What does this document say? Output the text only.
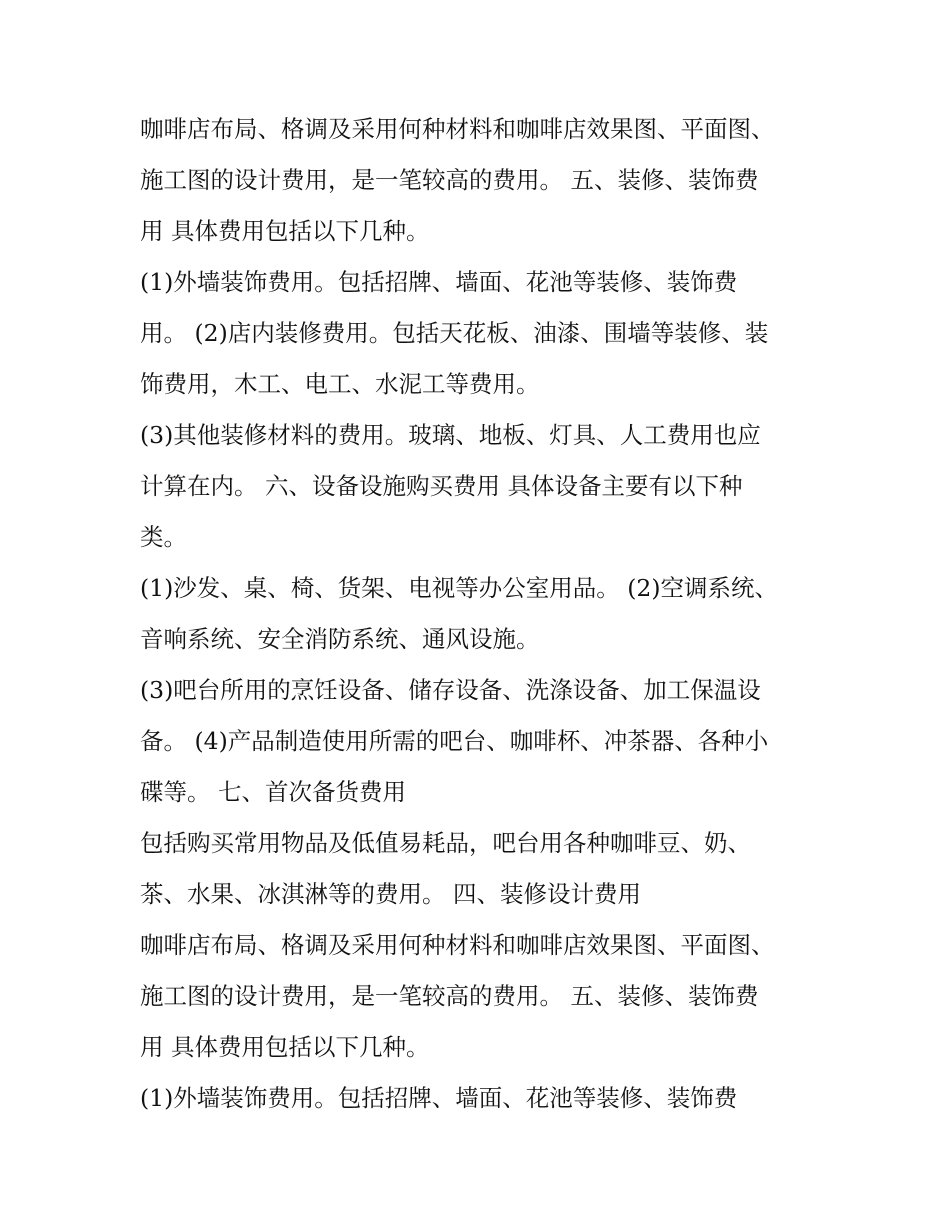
咖啡店布局、格调及采用何种材料和咖啡店效果图、平面图、
施工图的设计费用，是一笔较高的费用。 五、装修、装饰费
用 具体费用包括以下几种。
(1)外墙装饰费用。包括招牌、墙面、花池等装修、装饰费
用。 (2)店内装修费用。包括天花板、油漆、围墙等装修、装
饰费用，木工、电工、水泥工等费用。
(3)其他装修材料的费用。玻璃、地板、灯具、人工费用也应
计算在内。 六、设备设施购买费用 具体设备主要有以下种
类。
(1)沙发、桌、椅、货架、电视等办公室用品。 (2)空调系统、
音响系统、安全消防系统、通风设施。
(3)吧台所用的烹饪设备、储存设备、洗涤设备、加工保温设
备。 (4)产品制造使用所需的吧台、咖啡杯、冲茶器、各种小
碟等。 七、首次备货费用
包括购买常用物品及低值易耗品，吧台用各种咖啡豆、奶、
茶、水果、冰淇淋等的费用。 四、装修设计费用
咖啡店布局、格调及采用何种材料和咖啡店效果图、平面图、
施工图的设计费用，是一笔较高的费用。 五、装修、装饰费
用 具体费用包括以下几种。
(1)外墙装饰费用。包括招牌、墙面、花池等装修、装饰费
